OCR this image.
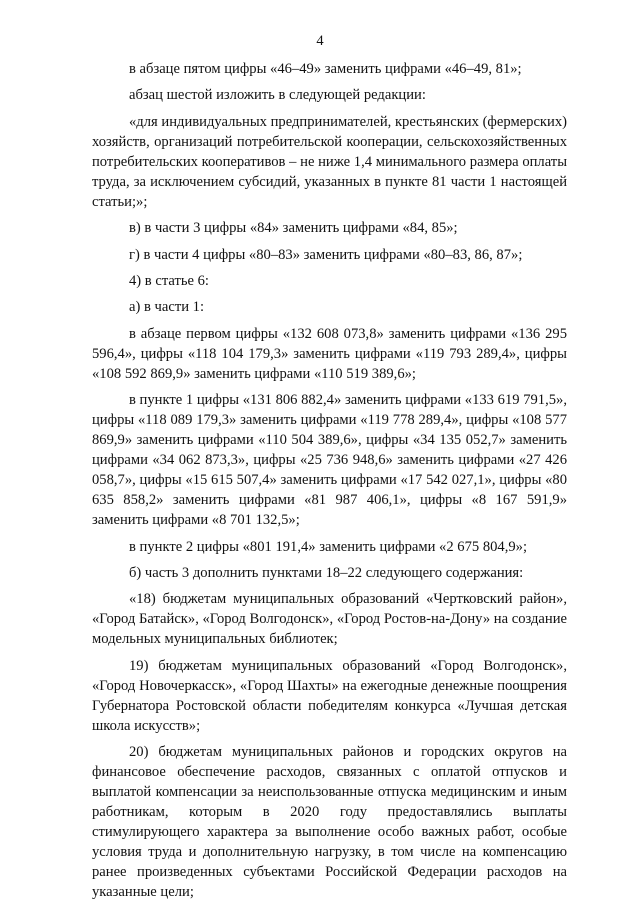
4

в абзаце пятом цифры «46–49» заменить цифрами «46–49, 81»;

абзац шестой изложить в следующей редакции:

«для индивидуальных предпринимателей, крестьянских (фермерских) хозяйств, организаций потребительской кооперации, сельскохозяйственных потребительских кооперативов – не ниже 1,4 минимального размера оплаты труда, за исключением субсидий, указанных в пункте 81 части 1 настоящей статьи;»;

в) в части 3 цифры «84» заменить цифрами «84, 85»;

г) в части 4 цифры «80–83» заменить цифрами «80–83, 86, 87»;

4) в статье 6:

а) в части 1:

в абзаце первом цифры «132 608 073,8» заменить цифрами «136 295 596,4», цифры «118 104 179,3» заменить цифрами «119 793 289,4», цифры «108 592 869,9» заменить цифрами «110 519 389,6»;

в пункте 1 цифры «131 806 882,4» заменить цифрами «133 619 791,5», цифры «118 089 179,3» заменить цифрами «119 778 289,4», цифры «108 577 869,9» заменить цифрами «110 504 389,6», цифры «34 135 052,7» заменить цифрами «34 062 873,3», цифры «25 736 948,6» заменить цифрами «27 426 058,7», цифры «15 615 507,4» заменить цифрами «17 542 027,1», цифры «80 635 858,2» заменить цифрами «81 987 406,1», цифры «8 167 591,9» заменить цифрами «8 701 132,5»;

в пункте 2 цифры «801 191,4» заменить цифрами «2 675 804,9»;

б) часть 3 дополнить пунктами 18–22 следующего содержания:

«18) бюджетам муниципальных образований «Чертковский район», «Город Батайск», «Город Волгодонск», «Город Ростов-на-Дону» на создание модельных муниципальных библиотек;

19) бюджетам муниципальных образований «Город Волгодонск», «Город Новочеркасск», «Город Шахты» на ежегодные денежные поощрения Губернатора Ростовской области победителям конкурса «Лучшая детская школа искусств»;

20) бюджетам муниципальных районов и городских округов на финансовое обеспечение расходов, связанных с оплатой отпусков и выплатой компенсации за неиспользованные отпуска медицинским и иным работникам, которым в 2020 году предоставлялись выплаты стимулирующего характера за выполнение особо важных работ, особые условия труда и дополнительную нагрузку, в том числе на компенсацию ранее произведенных субъектами Российской Федерации расходов на указанные цели;
